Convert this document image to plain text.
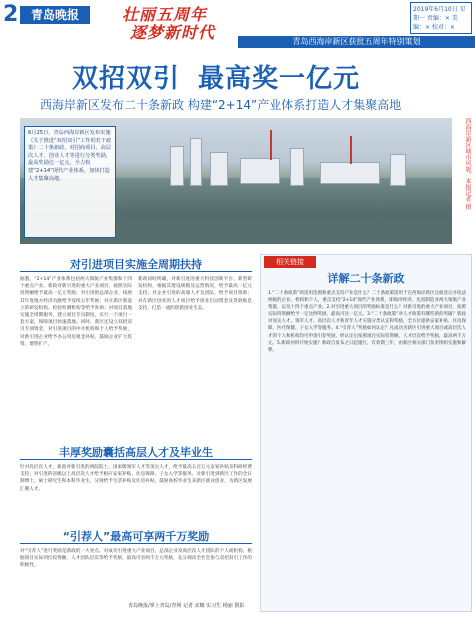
2	青岛晚报	壮丽五周年
逐梦新时代
2019年6月10日 星期一 责编：× 美编：× 校对：×
青岛西海岸新区获批五周年特别策划
双招双引 最高奖一亿元
西海岸新区发布二十条新政 构建“2+14”产业体系打造人才集聚高地
6月25日，青岛西海岸新区发布实施《关于推进“双招双引”工作的若干政策》二十条新政，对招商项目、高层次人才、创业人才等进行分类奖励，最高奖励达一亿元，全力构建“2+14”现代产业体系，加快打造人才集聚高地。	西海岸新区城市风貌。本报记者 摄
对引进项目实施全周期扶持
据悉，“2+14”产业体系包括两大领航产业集群和十四个重点产业。新政对新引进的重大产业项目，按照实际投资额给予最高一亿元奖励；对引进的总部企业，按照其年度地方经济贡献给予连续五年奖励；对在新区新设立的研发机构、检验检测机构等给予补助；对项目落地实施全周期服务，建立项目专员制度，实行一个项目一套方案，保障项目快速落地。同时，新区还设立双招双引专项资金，对引进项目的中介机构和个人给予奖励，对新引进企业给予办公用房租金补贴，鼓励企业扩大投资、增资扩产。
新政同时明确，对新引进的重大科技创新平台、新型研发机构，根据其建设规模及运营情况，给予最高一亿元支持；对企业引进的高端人才及团队，给予项目资助；对在新区创业的人才项目给予创业启动资金及贷款贴息支持，打造一流的创新创业生态。
丰厚奖励囊括高层人才及毕业生
针对高层次人才，新政对新引进的两院院士、国家级领军人才等顶尖人才，给予最高五百万元安家补贴及科研经费支持；对引进的省级以上高层次人才给予相应安家补贴、住房保障、子女入学等服务。对新引进到新区工作的全日制博士、硕士研究生和本科毕业生，分别给予生活补贴及住房补贴，鼓励高校毕业生来新区就业创业，为新区发展汇聚人才。
“引荐人”最高可享两千万奖励
对“引荐人”进行奖励是新政的一大亮点。对成功引进重大产业项目、总部企业及高层次人才团队的个人或机构，根据项目实际到位投资额、人才团队层次等给予奖励，最高可享两千万元奖励，充分调动全社会参与双招双引工作的积极性。
青岛晚报/掌上青岛/青网 记者 宋娜 实习生 杨丽 摄影
相关链接
详解二十条新政
1.“二十条政策”的适用范围和重点支持产业是什么？二十条政策适用于在西海岸新区注册登记并依法纳税的企业、机构和个人，重点支持“2+14”现代产业体系，即海洋经济、先进制造业两大领航产业集群，以及十四个重点产业。2.对引进重大项目的奖励标准是什么？对新引进的重大产业项目，按照实际投资额给予一定比例奖励，最高可达一亿元。3.“二十条政策”对人才政策有哪些新的突破？新政对顶尖人才、领军人才、高层次人才和青年人才实施分类认定和奖励，全方位提供安家补贴、住房保障、医疗保健、子女入学等服务。4.“引荐人”奖励如何认定？凡成功为新区引进重大项目或高层次人才的个人和机构均可申请引荐奖励，经认定后按照项目实际投资额、人才层次给予奖励，最高两千万元。5.新政何时开始实施？新政自发布之日起施行，有效期三年，由新区相关部门负责组织实施和解释。
